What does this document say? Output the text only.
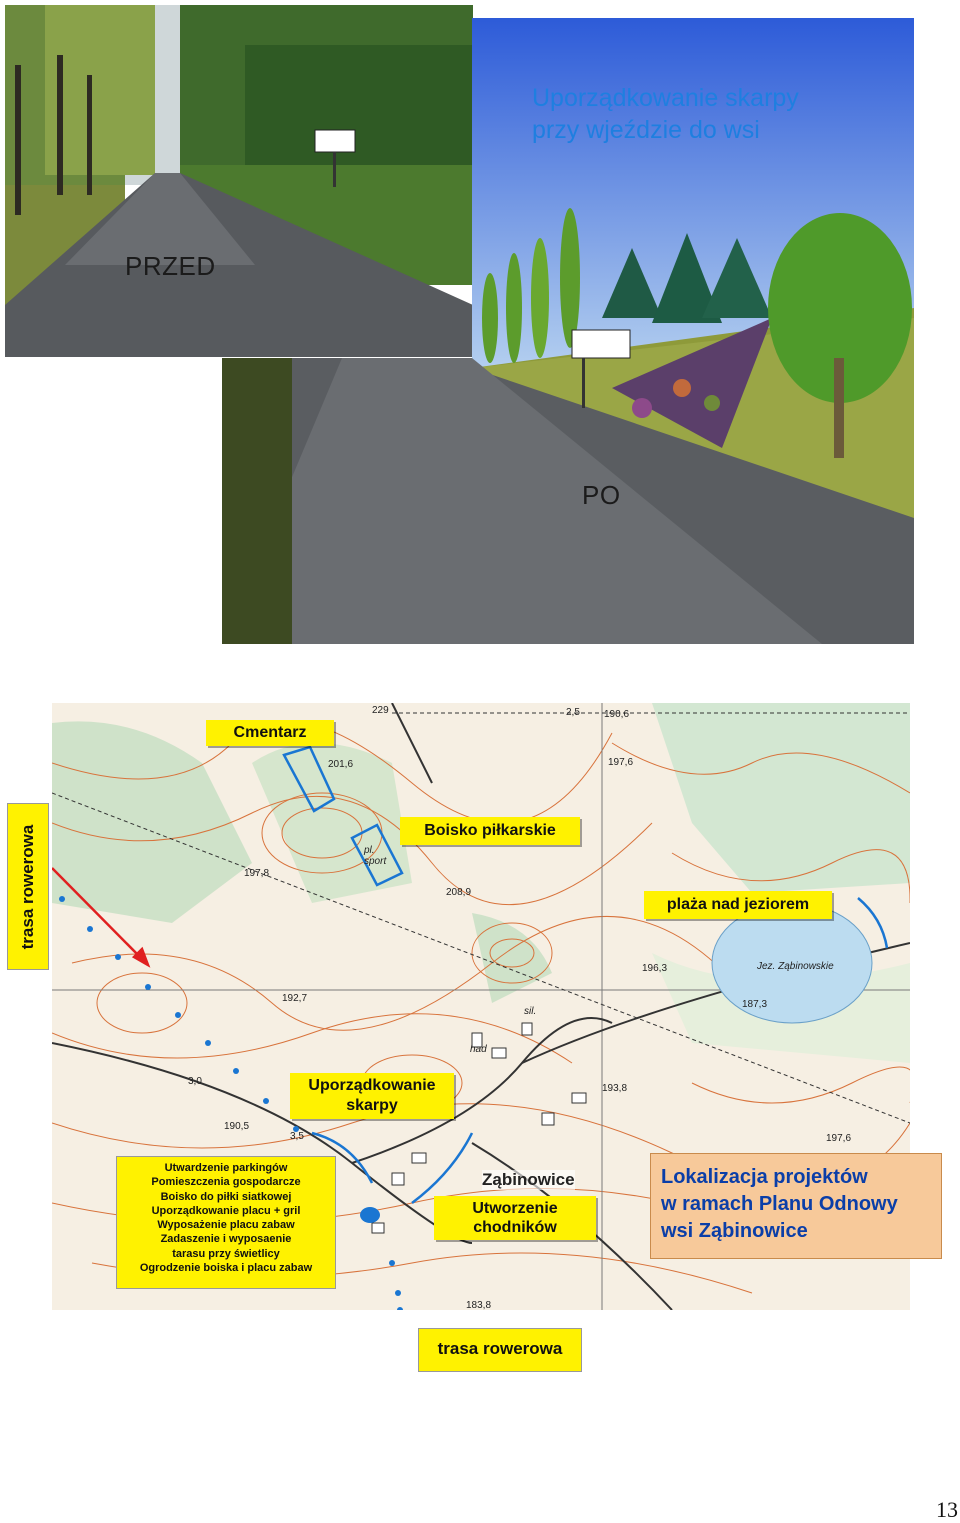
PRZED
Uporządkowanie skarpy
przy wjeździe do wsi
PO
229
201,6
197,8
208,9
192,7
196,3
193,8
190,5
197,6
187,3
183,8
190,6
197,6
3,0
2,5
3,5
Jez. Ząbinowskie
pl. sport
had
sil.
Ząbinowice
Cmentarz
Boisko piłkarskie
plaża nad jeziorem
Uporządkowanie skarpy
Utworzenie chodników
Utwardzenie parkingów
Pomieszczenia gospodarcze
Boisko do piłki siatkowej
Uporządkowanie placu + gril
Wyposażenie placu zabaw
Zadaszenie i wyposaenie
tarasu przy świetlicy
Ogrodzenie boiska i placu zabaw
Lokalizacja projektów
w ramach Planu Odnowy
wsi Ząbinowice
trasa rowerowa
trasa rowerowa
13
